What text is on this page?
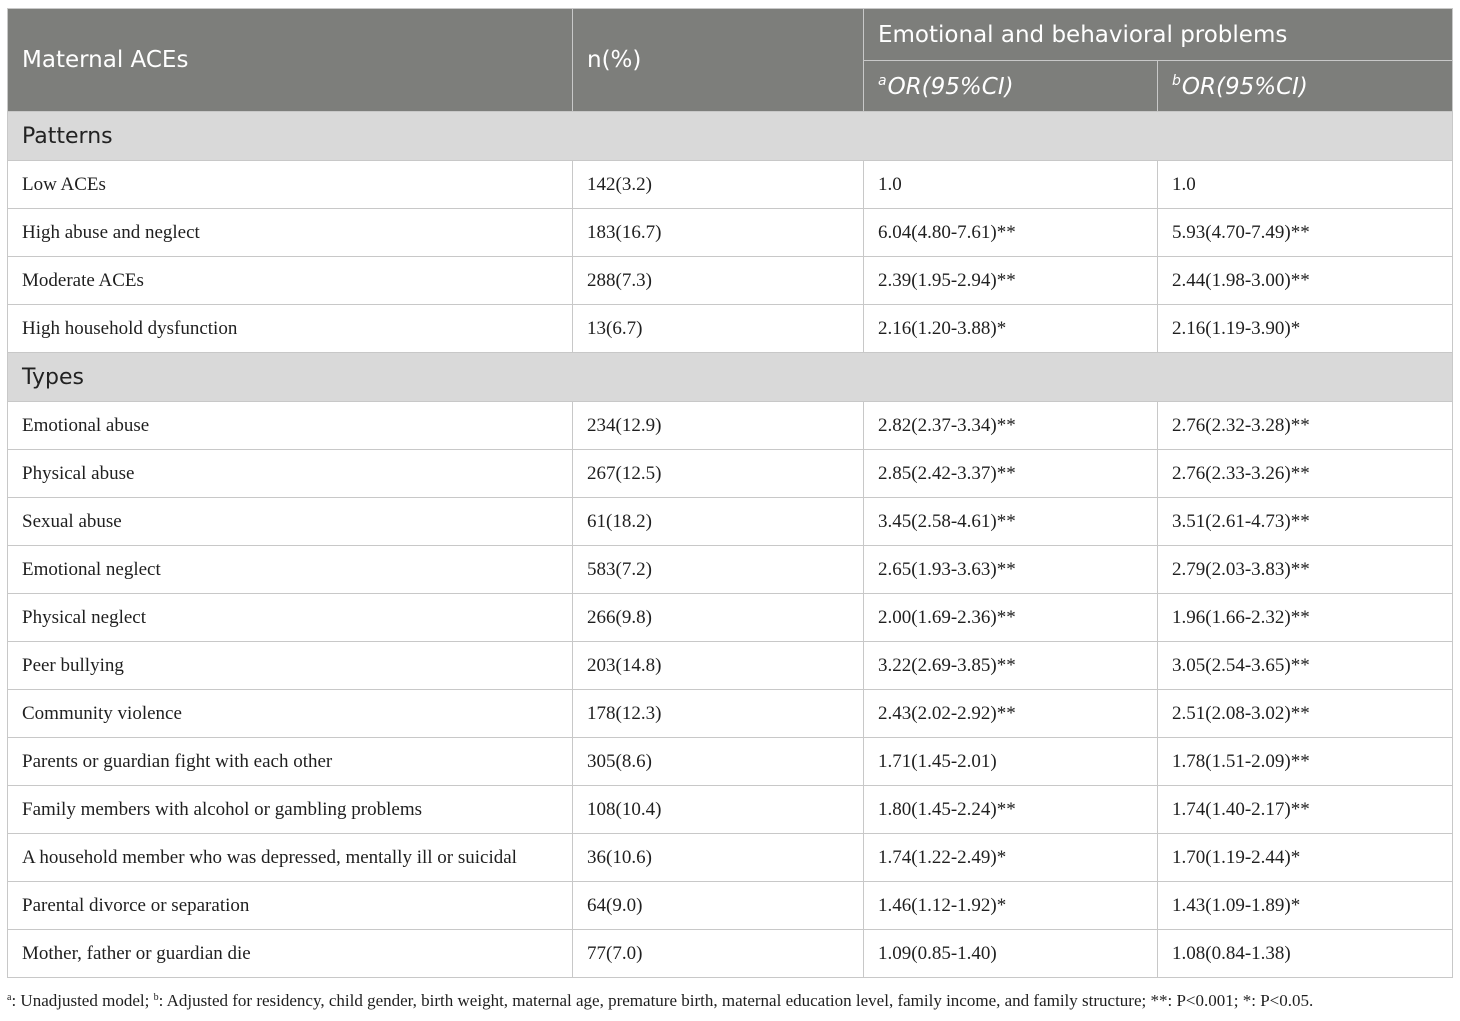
Maternal ACEs	n(%)	Emotional and behavioral problems	
		$^a$OR(95%CI)	$^b$OR(95%CI)
Patterns			
Low ACEs	142(3.2)	1.0	1.0
High abuse and neglect	183(16.7)	6.04(4.80-7.61)**	5.93(4.70-7.49)**
Moderate ACEs	288(7.3)	2.39(1.95-2.94)**	2.44(1.98-3.00)**
High household dysfunction	13(6.7)	2.16(1.20-3.88)*	2.16(1.19-3.90)*
Types			
Emotional abuse	234(12.9)	2.82(2.37-3.34)**	2.76(2.32-3.28)**
Physical abuse	267(12.5)	2.85(2.42-3.37)**	2.76(2.33-3.26)**
Sexual abuse	61(18.2)	3.45(2.58-4.61)**	3.51(2.61-4.73)**
Emotional neglect	583(7.2)	2.65(1.93-3.63)**	2.79(2.03-3.83)**
Physical neglect	266(9.8)	2.00(1.69-2.36)**	1.96(1.66-2.32)**
Peer bullying	203(14.8)	3.22(2.69-3.85)**	3.05(2.54-3.65)**
Community violence	178(12.3)	2.43(2.02-2.92)**	2.51(2.08-3.02)**
Parents or guardian fight with each other	305(8.6)	1.71(1.45-2.01)	1.78(1.51-2.09)**
Family members with alcohol or gambling problems	108(10.4)	1.80(1.45-2.24)**	1.74(1.40-2.17)**
A household member who was depressed, mentally ill or suicidal	36(10.6)	1.74(1.22-2.49)*	1.70(1.19-2.44)*
Parental divorce or separation	64(9.0)	1.46(1.12-1.92)*	1.43(1.09-1.89)*
Mother, father or guardian die	77(7.0)	1.09(0.85-1.40)	1.08(0.84-1.38)
$^a$: Unadjusted model; $^b$: Adjusted for residency, child gender, birth weight, maternal age, premature birth, maternal education level, family income, and family structure; **: P<0.001; *: P<0.05.
